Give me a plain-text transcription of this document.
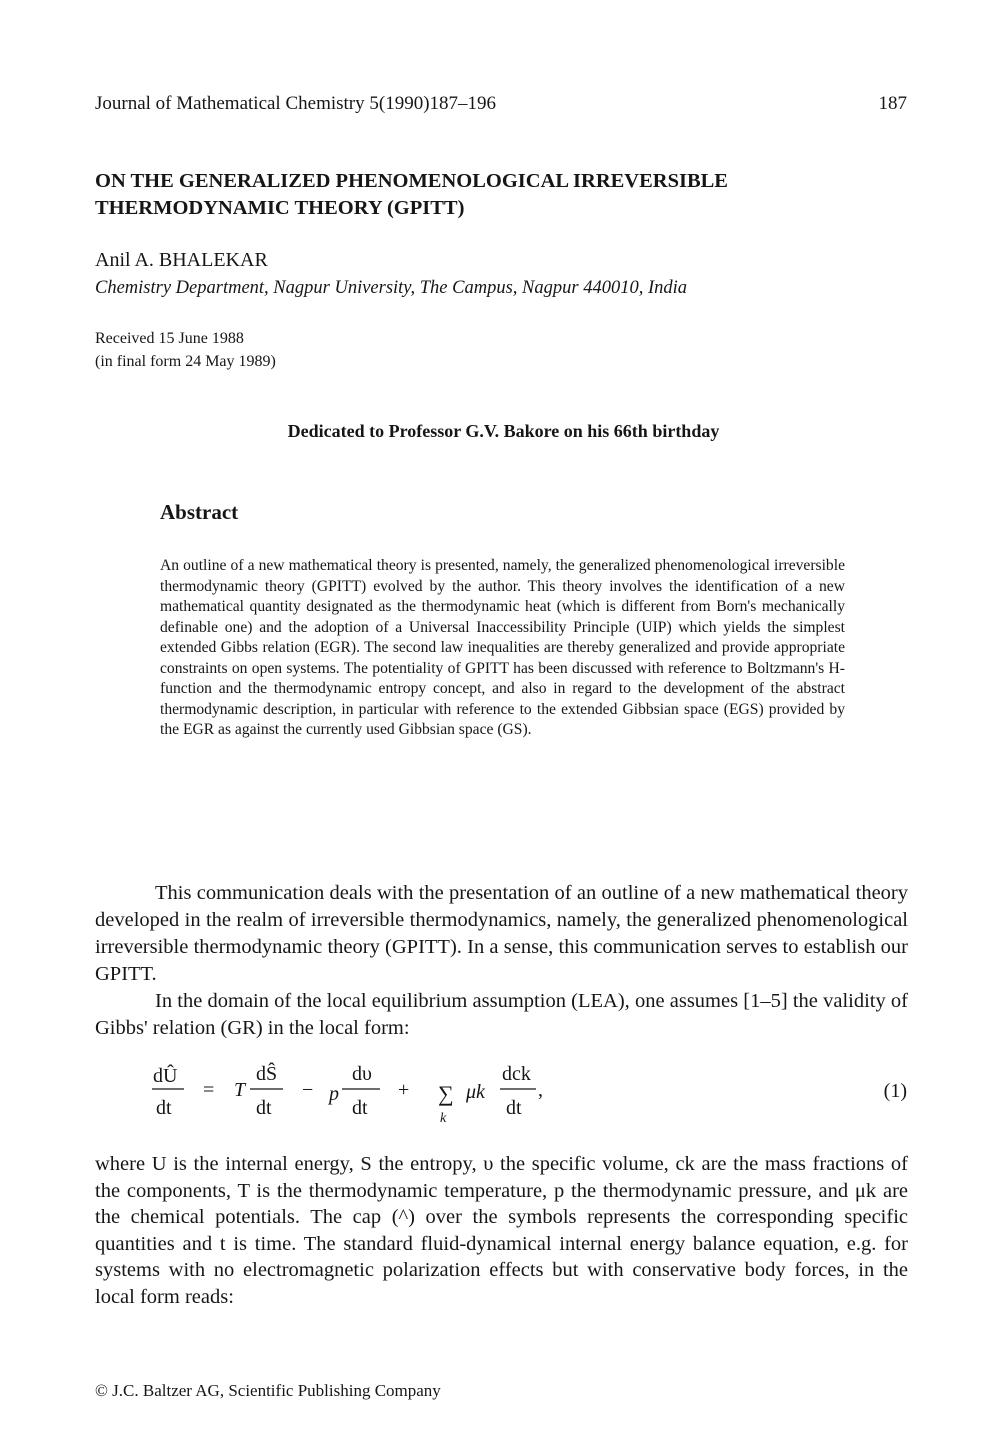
Journal of Mathematical Chemistry 5(1990)187–196	187
ON THE GENERALIZED PHENOMENOLOGICAL IRREVERSIBLE THERMODYNAMIC THEORY (GPITT)
Anil A. BHALEKAR
Chemistry Department, Nagpur University, The Campus, Nagpur 440010, India
Received 15 June 1988
(in final form 24 May 1989)
Dedicated to Professor G.V. Bakore on his 66th birthday
Abstract

An outline of a new mathematical theory is presented, namely, the generalized phenomenological irreversible thermodynamic theory (GPITT) evolved by the author. This theory involves the identification of a new mathematical quantity designated as the thermodynamic heat (which is different from Born's mechanically definable one) and the adoption of a Universal Inaccessibility Principle (UIP) which yields the simplest extended Gibbs relation (EGR). The second law inequalities are thereby generalized and provide appropriate constraints on open systems. The potentiality of GPITT has been discussed with reference to Boltzmann's H-function and the thermodynamic entropy concept, and also in regard to the development of the abstract thermodynamic description, in particular with reference to the extended Gibbsian space (EGS) provided by the EGR as against the currently used Gibbsian space (GS).

This communication deals with the presentation of an outline of a new mathematical theory developed in the realm of irreversible thermodynamics, namely, the generalized phenomenological irreversible thermodynamic theory (GPITT). In a sense, this communication serves to establish our GPITT.

In the domain of the local equilibrium assumption (LEA), one assumes [1–5] the validity of Gibbs' relation (GR) in the local form:

dÛ
dt
= T
dŜ
dt
− p
dυ
dt
+ ∑
k
μk
dck
dt
,	(1)

where U is the internal energy, S the entropy, υ the specific volume, ck are the mass fractions of the components, T is the thermodynamic temperature, p the thermodynamic pressure, and μk are the chemical potentials. The cap (^) over the symbols represents the corresponding specific quantities and t is time. The standard fluid-dynamical internal energy balance equation, e.g. for systems with no electromagnetic polarization effects but with conservative body forces, in the local form reads:

© J.C. Baltzer AG, Scientific Publishing Company
